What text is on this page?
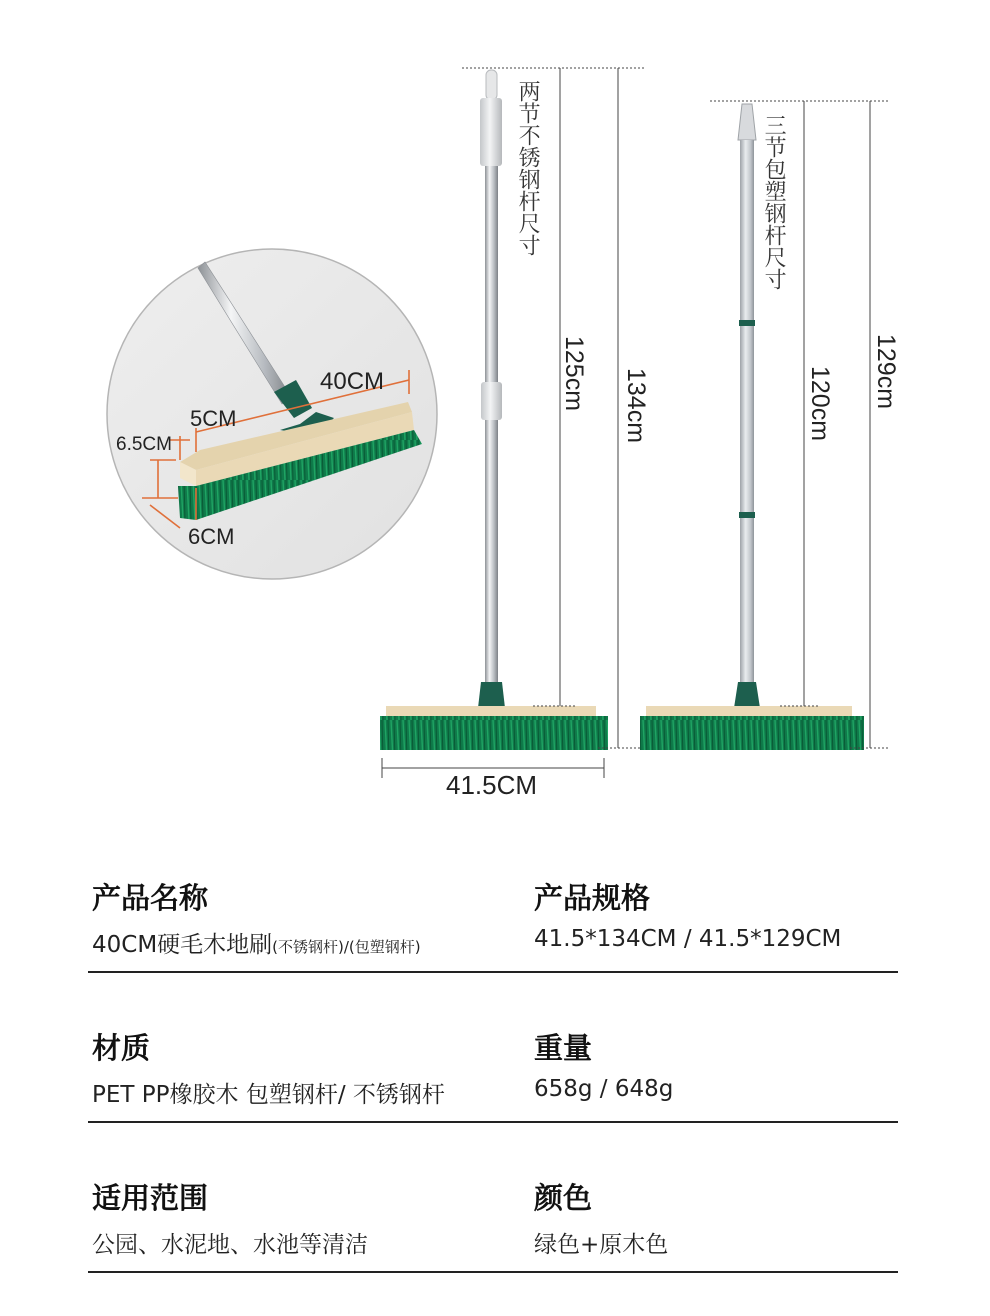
两节不锈钢杆尺寸
125cm 134cm
41.5CM
三节包塑钢杆尺寸
120cm 129cm
40CM
5CM
6.5CM
6CM
产品名称
40CM硬毛木地刷(不锈钢杆)/(包塑钢杆)
产品规格
41.5*134CM / 41.5*129CM
材质
PET PP橡胶木 包塑钢杆/ 不锈钢杆
重量
658g / 648g
适用范围
公园、水泥地、水池等清洁
颜色
绿色+原木色
